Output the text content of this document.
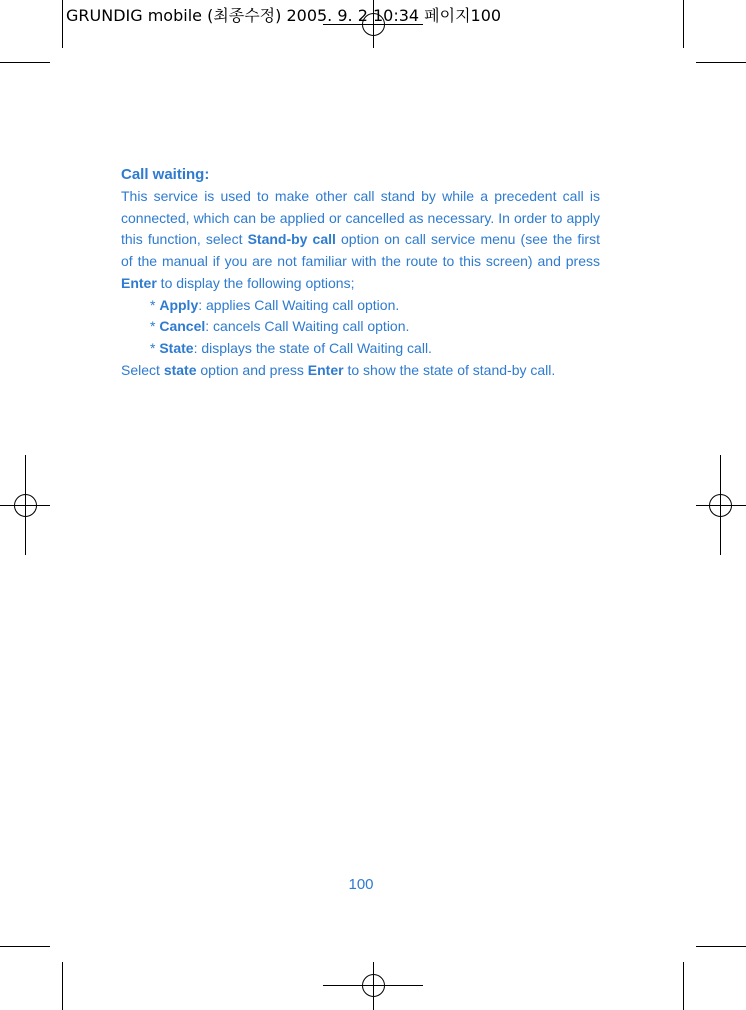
GRUNDIG mobile (최종수정) 2005. 9. 2 10:34 페이지100
Call waiting:

This service is used to make other call stand by while a precedent call is connected, which can be applied or cancelled as necessary. In order to apply this function, select Stand-by call option on call service menu (see the first of the manual if you are not familiar with the route to this screen) and press Enter to display the following options;

* Apply: applies Call Waiting call option.
* Cancel: cancels Call Waiting call option.
* State: displays the state of Call Waiting call.

Select state option and press Enter to show the state of stand-by call.

100
